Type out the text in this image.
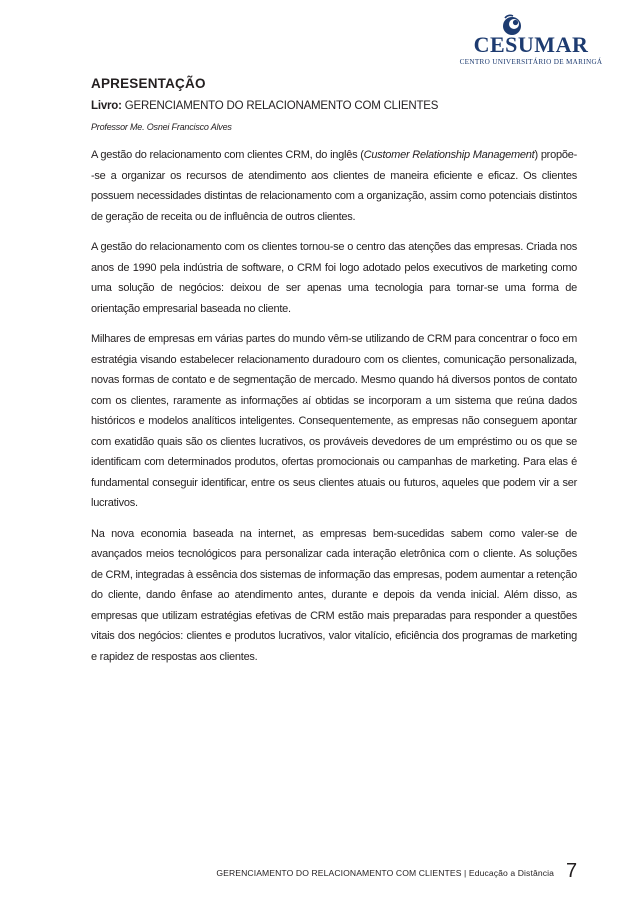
CESUMAR
CENTRO UNIVERSITÁRIO DE MARINGÁ
APRESENTAÇÃO
Livro: GERENCIAMENTO DO RELACIONAMENTO COM CLIENTES
Professor Me. Osnei Francisco Alves

A gestão do relacionamento com clientes CRM, do inglês (Customer Relationship Management) propõe--se a organizar os recursos de atendimento aos clientes de maneira eficiente e eficaz. Os clientes possuem necessidades distintas de relacionamento com a organização, assim como potenciais distintos de geração de receita ou de influência de outros clientes.

A gestão do relacionamento com os clientes tornou-se o centro das atenções das empresas. Criada nos anos de 1990 pela indústria de software, o CRM foi logo adotado pelos executivos de marketing como uma solução de negócios: deixou de ser apenas uma tecnologia para tornar-se uma forma de orientação empresarial baseada no cliente.

Milhares de empresas em várias partes do mundo vêm-se utilizando de CRM para concentrar o foco em estratégia visando estabelecer relacionamento duradouro com os clientes, comunicação personalizada, novas formas de contato e de segmentação de mercado. Mesmo quando há diversos pontos de contato com os clientes, raramente as informações aí obtidas se incorporam a um sistema que reúna dados históricos e modelos analíticos inteligentes. Consequentemente, as empresas não conseguem apontar com exatidão quais são os clientes lucrativos, os prováveis devedores de um empréstimo ou os que se identificam com determinados produtos, ofertas promocionais ou campanhas de marketing. Para elas é fundamental conseguir identificar, entre os seus clientes atuais ou futuros, aqueles que podem vir a ser lucrativos.

Na nova economia baseada na internet, as empresas bem-sucedidas sabem como valer-se de avançados meios tecnológicos para personalizar cada interação eletrônica com o cliente. As soluções de CRM, integradas à essência dos sistemas de informação das empresas, podem aumentar a retenção do cliente, dando ênfase ao atendimento antes, durante e depois da venda inicial. Além disso, as empresas que utilizam estratégias efetivas de CRM estão mais preparadas para responder a questões vitais dos negócios: clientes e produtos lucrativos, valor vitalício, eficiência dos programas de marketing e rapidez de respostas aos clientes.

GERENCIAMENTO DO RELACIONAMENTO COM CLIENTES | Educação a Distância 7
